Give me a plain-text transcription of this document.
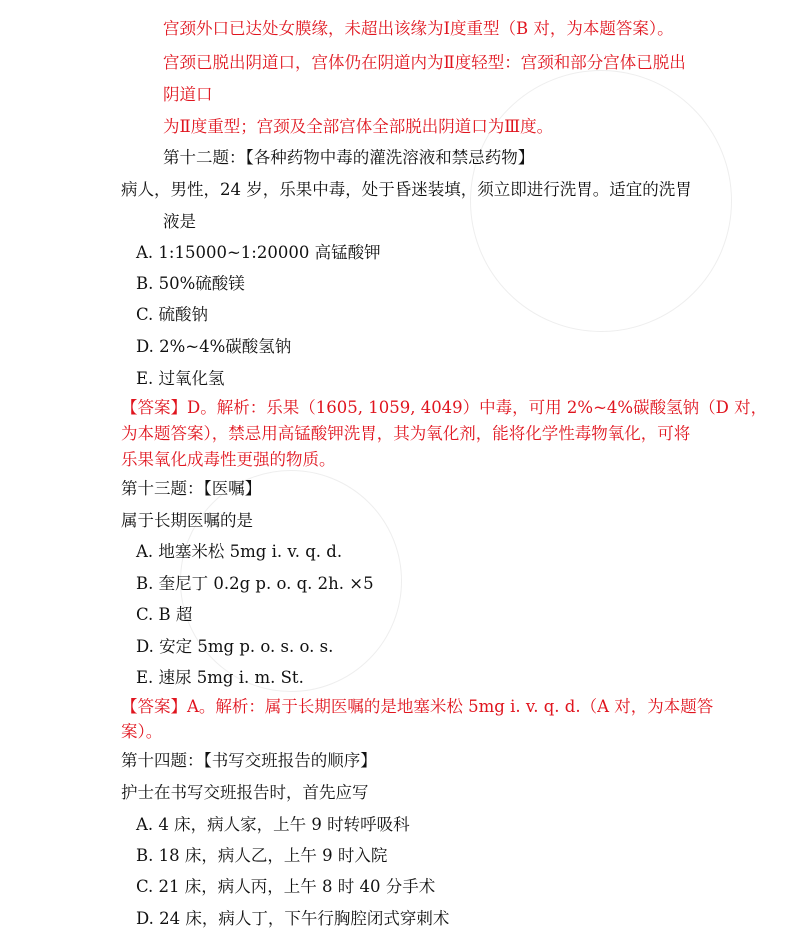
宫颈外口已达处女膜缘，未超出该缘为Ⅰ度重型（B 对，为本题答案）。
宫颈已脱出阴道口，宫体仍在阴道内为Ⅱ度轻型：宫颈和部分宫体已脱出
阴道口
为Ⅱ度重型；宫颈及全部宫体全部脱出阴道口为Ⅲ度。
第十二题：【各种药物中毒的灌洗溶液和禁忌药物】
病人，男性，24 岁，乐果中毒，处于昏迷装填，须立即进行洗胃。适宜的洗胃
液是
A. 1:15000~1:20000 高锰酸钾
B. 50%硫酸镁
C. 硫酸钠
D. 2%~4%碳酸氢钠
E. 过氧化氢
【答案】D。解析：乐果（1605, 1059, 4049）中毒，可用 2%~4%碳酸氢钠（D 对，
为本题答案），禁忌用高锰酸钾洗胃，其为氧化剂，能将化学性毒物氧化，可将
乐果氧化成毒性更强的物质。
第十三题：【医嘱】
属于长期医嘱的是
A. 地塞米松 5mg i. v. q. d.
B. 奎尼丁 0.2g p. o. q. 2h. ×5
C. B 超
D. 安定 5mg p. o. s. o. s.
E. 速尿 5mg i. m. St.
【答案】A。解析：属于长期医嘱的是地塞米松 5mg i. v. q. d.（A 对，为本题答
案）。
第十四题：【书写交班报告的顺序】
护士在书写交班报告时，首先应写
A. 4 床，病人家，上午 9 时转呼吸科
B. 18 床，病人乙，上午 9 时入院
C. 21 床，病人丙，上午 8 时 40 分手术
D. 24 床，病人丁，下午行胸腔闭式穿刺术
